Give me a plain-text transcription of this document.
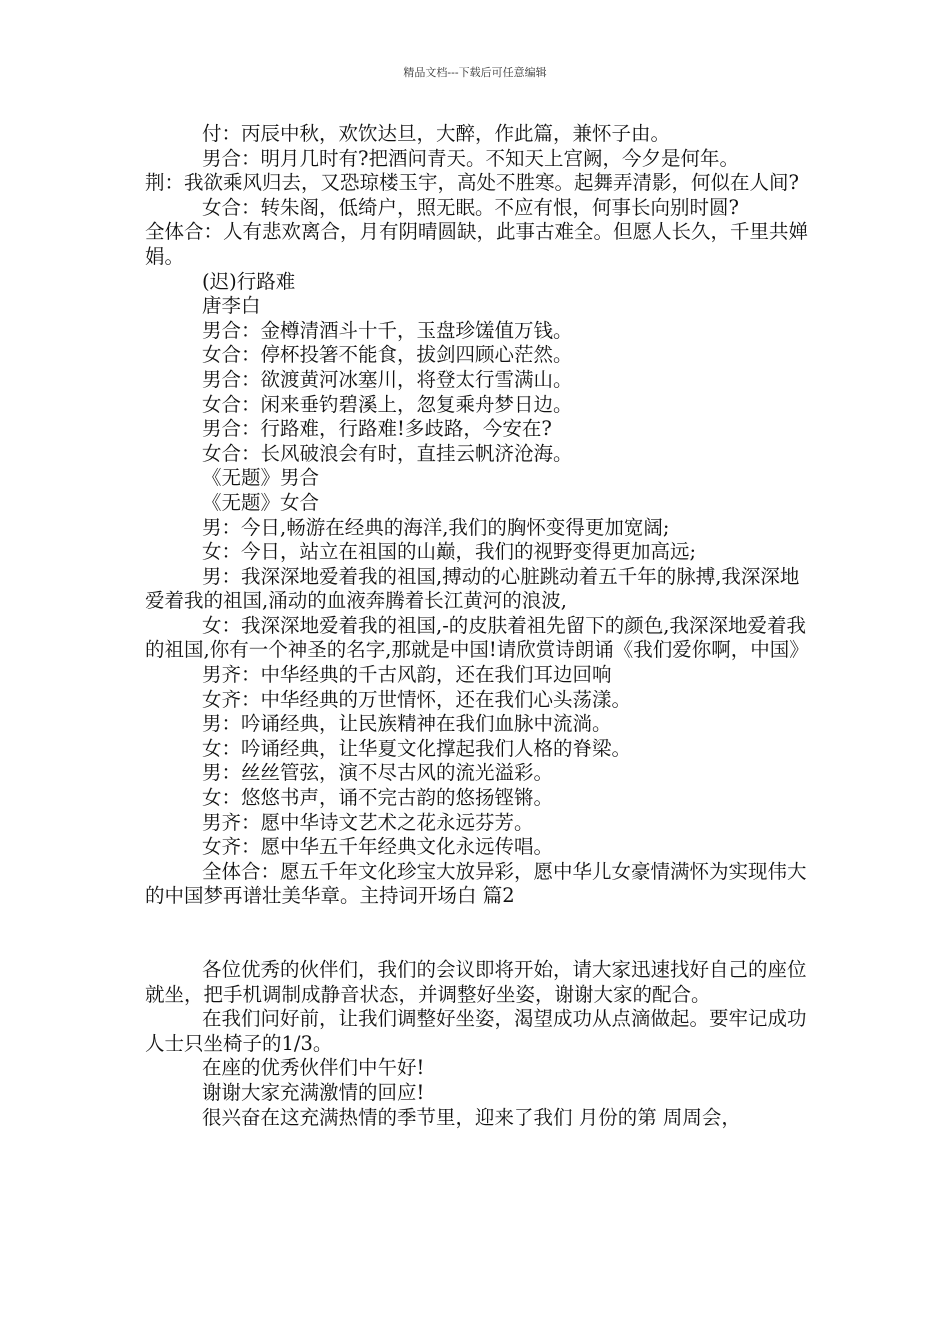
精品文档---下载后可任意编辑

付：丙辰中秋，欢饮达旦，大醉，作此篇，兼怀子由。

男合：明月几时有?把酒问青天。不知天上宫阙，今夕是何年。

荆：我欲乘风归去，又恐琼楼玉宇，高处不胜寒。起舞弄清影，何似在人间?

女合：转朱阁，低绮户，照无眠。不应有恨，何事长向别时圆?

全体合：人有悲欢离合，月有阴晴圆缺，此事古难全。但愿人长久，千里共婵娟。

(迟)行路难

唐李白

男合：金樽清酒斗十千，玉盘珍馐值万钱。

女合：停杯投箸不能食，拔剑四顾心茫然。

男合：欲渡黄河冰塞川，将登太行雪满山。

女合：闲来垂钓碧溪上，忽复乘舟梦日边。

男合：行路难，行路难!多歧路，今安在?

女合：长风破浪会有时，直挂云帆济沧海。

《无题》男合

《无题》女合

男：今日,畅游在经典的海洋,我们的胸怀变得更加宽阔;

女：今日，站立在祖国的山巅，我们的视野变得更加高远;

男：我深深地爱着我的祖国,搏动的心脏跳动着五千年的脉搏,我深深地爱着我的祖国,涌动的血液奔腾着长江黄河的浪波,

女：我深深地爱着我的祖国,-的皮肤着祖先留下的颜色,我深深地爱着我的祖国,你有一个神圣的名字,那就是中国!请欣赏诗朗诵《我们爱你啊，中国》

男齐：中华经典的千古风韵，还在我们耳边回响

女齐：中华经典的万世情怀，还在我们心头荡漾。

男：吟诵经典，让民族精神在我们血脉中流淌。

女：吟诵经典，让华夏文化撑起我们人格的脊梁。

男：丝丝管弦，演不尽古风的流光溢彩。

女：悠悠书声，诵不完古韵的悠扬铿锵。

男齐：愿中华诗文艺术之花永远芬芳。

女齐：愿中华五千年经典文化永远传唱。

全体合：愿五千年文化珍宝大放异彩，愿中华儿女豪情满怀为实现伟大的中国梦再谱壮美华章。主持词开场白 篇2

各位优秀的伙伴们，我们的会议即将开始，请大家迅速找好自己的座位就坐，把手机调制成静音状态，并调整好坐姿，谢谢大家的配合。

在我们问好前，让我们调整好坐姿，渴望成功从点滴做起。要牢记成功人士只坐椅子的1/3。

在座的优秀伙伴们中午好!

谢谢大家充满激情的回应!

很兴奋在这充满热情的季节里，迎来了我们 月份的第 周周会，
